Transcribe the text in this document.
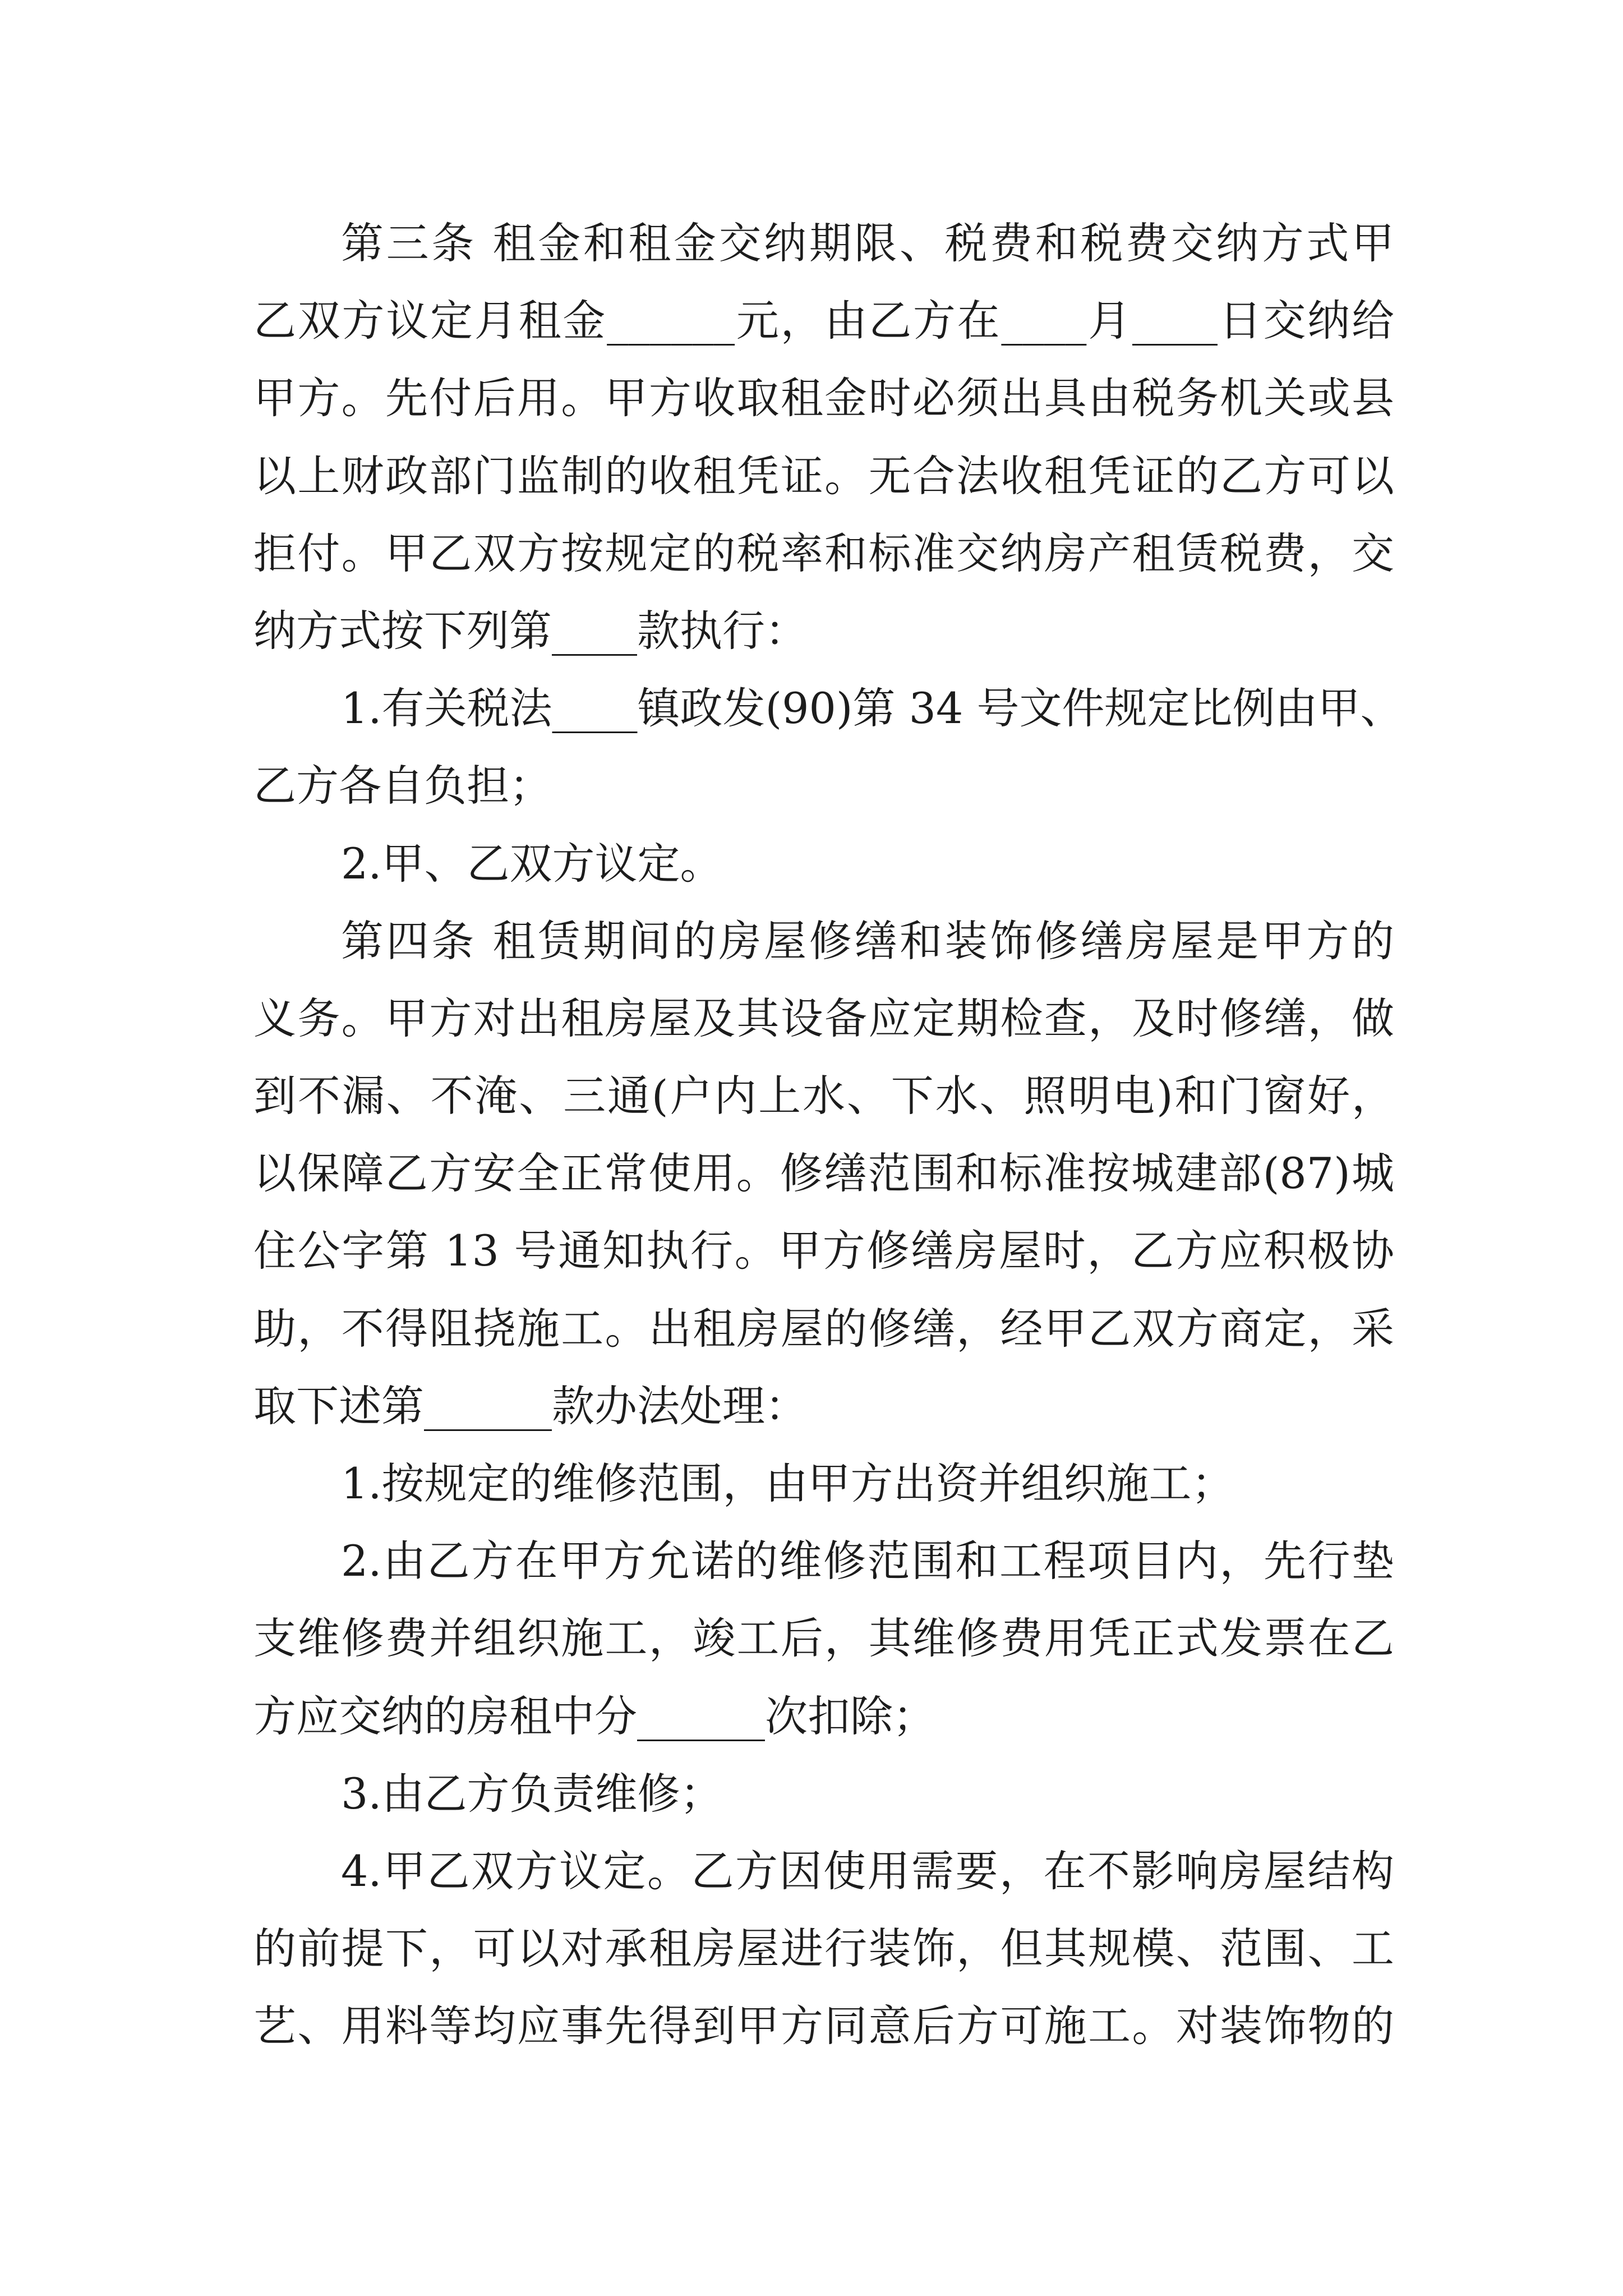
第三条 租金和租金交纳期限、税费和税费交纳方式甲
乙双方议定月租金______元，由乙方在____月____日交纳给
甲方。先付后用。甲方收取租金时必须出具由税务机关或县
以上财政部门监制的收租凭证。无合法收租凭证的乙方可以
拒付。甲乙双方按规定的税率和标准交纳房产租赁税费，交
纳方式按下列第____款执行：
1.有关税法____镇政发(90)第 34 号文件规定比例由甲、
乙方各自负担；
2.甲、乙双方议定。
第四条 租赁期间的房屋修缮和装饰修缮房屋是甲方的
义务。甲方对出租房屋及其设备应定期检查，及时修缮，做
到不漏、不淹、三通(户内上水、下水、照明电)和门窗好，
以保障乙方安全正常使用。修缮范围和标准按城建部(87)城
住公字第 13 号通知执行。甲方修缮房屋时，乙方应积极协
助，不得阻挠施工。出租房屋的修缮，经甲乙双方商定，采
取下述第______款办法处理：
1.按规定的维修范围，由甲方出资并组织施工；
2.由乙方在甲方允诺的维修范围和工程项目内，先行垫
支维修费并组织施工，竣工后，其维修费用凭正式发票在乙
方应交纳的房租中分______次扣除；
3.由乙方负责维修；
4.甲乙双方议定。乙方因使用需要，在不影响房屋结构
的前提下，可以对承租房屋进行装饰，但其规模、范围、工
艺、用料等均应事先得到甲方同意后方可施工。对装饰物的
